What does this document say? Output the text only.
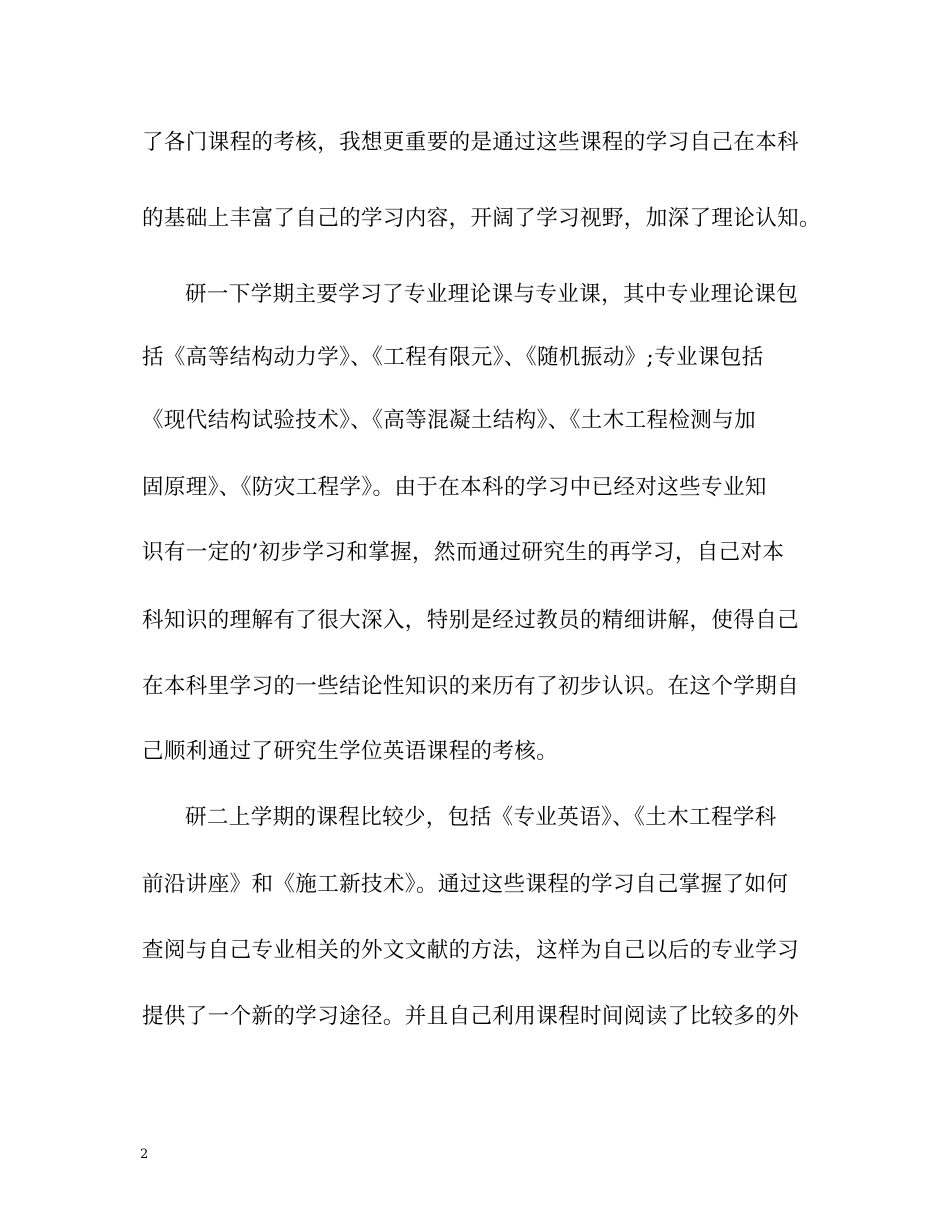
了各门课程的考核，我想更重要的是通过这些课程的学习自己在本科
的基础上丰富了自己的学习内容，开阔了学习视野，加深了理论认知。
研一下学期主要学习了专业理论课与专业课，其中专业理论课包
括《高等结构动力学》、《工程有限元》、《随机振动》;专业课包括
《现代结构试验技术》、《高等混凝土结构》、《土木工程检测与加
固原理》、《防灾工程学》。由于在本科的学习中已经对这些专业知
识有一定的’初步学习和掌握，然而通过研究生的再学习，自己对本
科知识的理解有了很大深入，特别是经过教员的精细讲解，使得自己
在本科里学习的一些结论性知识的来历有了初步认识。在这个学期自
己顺利通过了研究生学位英语课程的考核。
研二上学期的课程比较少，包括《专业英语》、《土木工程学科
前沿讲座》和《施工新技术》。通过这些课程的学习自己掌握了如何
查阅与自己专业相关的外文文献的方法，这样为自己以后的专业学习
提供了一个新的学习途径。并且自己利用课程时间阅读了比较多的外
2
